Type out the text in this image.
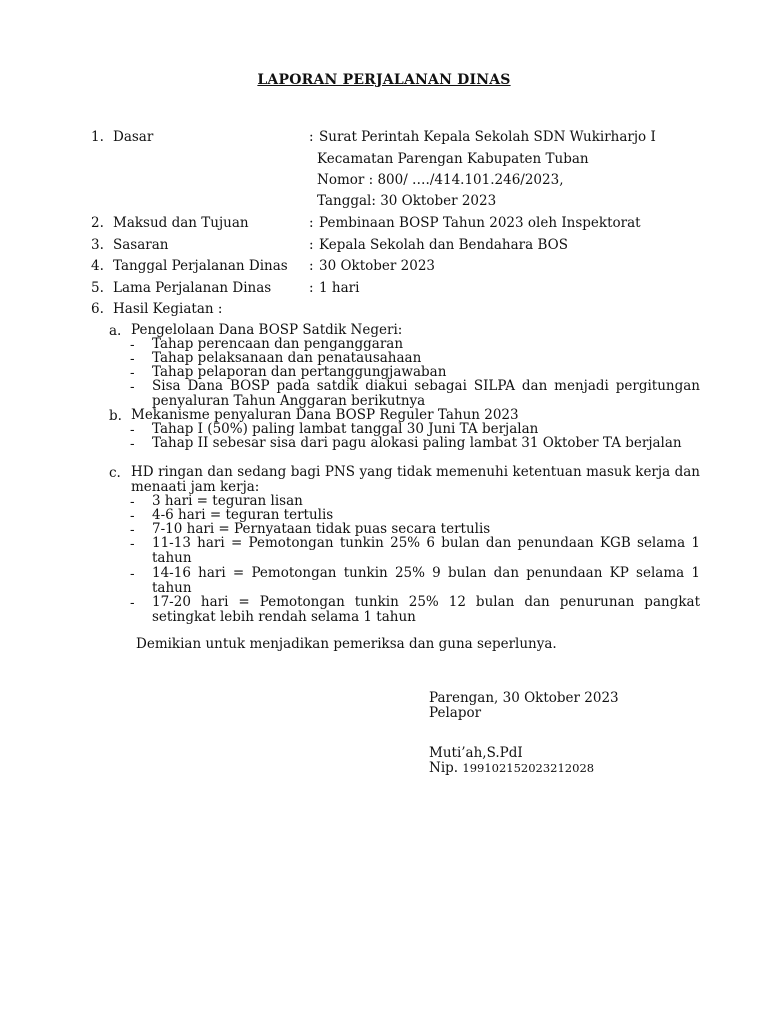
LAPORAN PERJALANAN DINAS
1. Dasar	: Surat Perintah Kepala Sekolah SDN Wukirharjo I
Kecamatan Parengan Kabupaten Tuban
Nomor : 800/ …./414.101.246/2023,
Tanggal: 30 Oktober 2023
2. Maksud dan Tujuan	: Pembinaan BOSP Tahun 2023 oleh Inspektorat
3. Sasaran	: Kepala Sekolah dan Bendahara BOS
4. Tanggal Perjalanan Dinas	: 30 Oktober 2023
5. Lama Perjalanan Dinas	: 1 hari
6. Hasil Kegiatan :
a. Pengelolaan Dana BOSP Satdik Negeri:
-	Tahap perencaan dan penganggaran
-	Tahap pelaksanaan dan penatausahaan
-	Tahap pelaporan dan pertanggungjawaban
-	Sisa Dana BOSP pada satdik diakui sebagai SILPA dan menjadi pergitungan penyaluran Tahun Anggaran berikutnya
b. Mekanisme penyaluran Dana BOSP Reguler Tahun 2023
-	Tahap I (50%) paling lambat tanggal 30 Juni TA berjalan
-	Tahap II sebesar sisa dari pagu alokasi paling lambat 31 Oktober TA berjalan
c. HD ringan dan sedang bagi PNS yang tidak memenuhi ketentuan masuk kerja dan menaati jam kerja:
-	3 hari = teguran lisan
-	4-6 hari = teguran tertulis
-	7-10 hari = Pernyataan tidak puas secara tertulis
-	11-13 hari = Pemotongan tunkin 25% 6 bulan dan penundaan KGB selama 1 tahun
-	14-16 hari = Pemotongan tunkin 25% 9 bulan dan penundaan KP selama 1 tahun
-	17-20 hari = Pemotongan tunkin 25% 12 bulan dan penurunan pangkat setingkat lebih rendah selama 1 tahun
Demikian untuk menjadikan pemeriksa dan guna seperlunya.
Parengan, 30 Oktober 2023
Pelapor
Muti’ah,S.PdI
Nip. 199102152023212028
